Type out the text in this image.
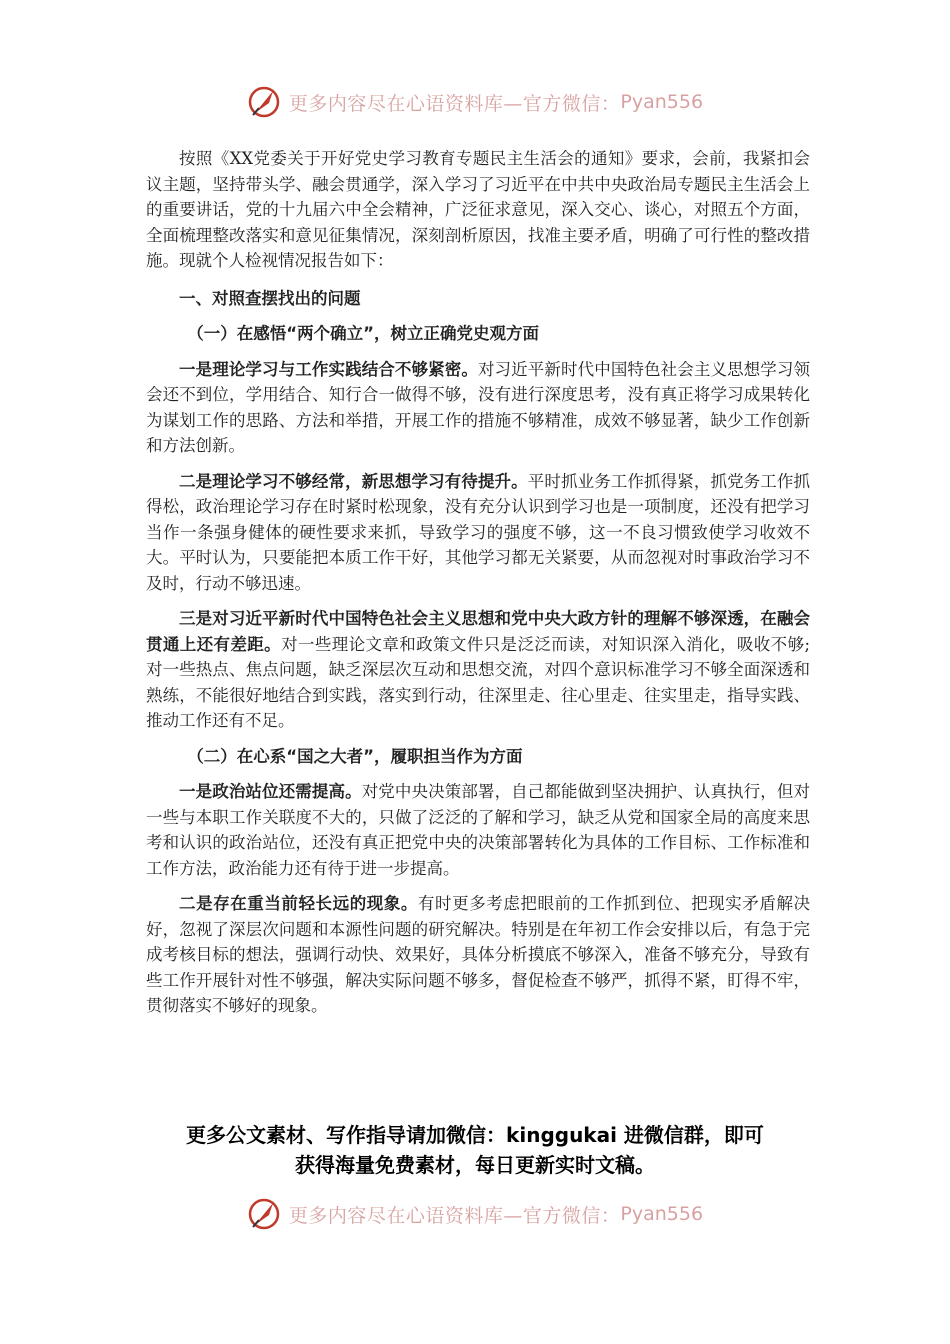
更多内容尽在心语资料库—官方微信： Pyan556

按照《XX党委关于开好党史学习教育专题民主生活会的通知》要求，会前，我紧扣会议主题，坚持带头学、融会贯通学，深入学习了习近平在中共中央政治局专题民主生活会上的重要讲话，党的十九届六中全会精神，广泛征求意见，深入交心、谈心，对照五个方面，全面梳理整改落实和意见征集情况，深刻剖析原因，找准主要矛盾，明确了可行性的整改措施。现就个人检视情况报告如下：

一、对照查摆找出的问题

（一）在感悟“两个确立”，树立正确党史观方面

一是理论学习与工作实践结合不够紧密。对习近平新时代中国特色社会主义思想学习领会还不到位，学用结合、知行合一做得不够，没有进行深度思考，没有真正将学习成果转化为谋划工作的思路、方法和举措，开展工作的措施不够精准，成效不够显著，缺少工作创新和方法创新。

二是理论学习不够经常，新思想学习有待提升。平时抓业务工作抓得紧，抓党务工作抓得松，政治理论学习存在时紧时松现象，没有充分认识到学习也是一项制度，还没有把学习当作一条强身健体的硬性要求来抓，导致学习的强度不够，这一不良习惯致使学习收效不大。平时认为，只要能把本质工作干好，其他学习都无关紧要，从而忽视对时事政治学习不及时，行动不够迅速。

三是对习近平新时代中国特色社会主义思想和党中央大政方针的理解不够深透，在融会贯通上还有差距。对一些理论文章和政策文件只是泛泛而读，对知识深入消化，吸收不够;对一些热点、焦点问题，缺乏深层次互动和思想交流，对四个意识标准学习不够全面深透和熟练，不能很好地结合到实践，落实到行动，往深里走、往心里走、往实里走，指导实践、推动工作还有不足。

（二）在心系“国之大者”，履职担当作为方面

一是政治站位还需提高。对党中央决策部署，自己都能做到坚决拥护、认真执行，但对一些与本职工作关联度不大的，只做了泛泛的了解和学习，缺乏从党和国家全局的高度来思考和认识的政治站位，还没有真正把党中央的决策部署转化为具体的工作目标、工作标准和工作方法，政治能力还有待于进一步提高。

二是存在重当前轻长远的现象。有时更多考虑把眼前的工作抓到位、把现实矛盾解决好，忽视了深层次问题和本源性问题的研究解决。特别是在年初工作会安排以后，有急于完成考核目标的想法，强调行动快、效果好，具体分析摸底不够深入，准备不够充分，导致有些工作开展针对性不够强，解决实际问题不够多，督促检查不够严，抓得不紧，盯得不牢，贯彻落实不够好的现象。

更多公文素材、写作指导请加微信：kinggukai 进微信群，即可
获得海量免费素材，每日更新实时文稿。
更多内容尽在心语资料库—官方微信： Pyan556
